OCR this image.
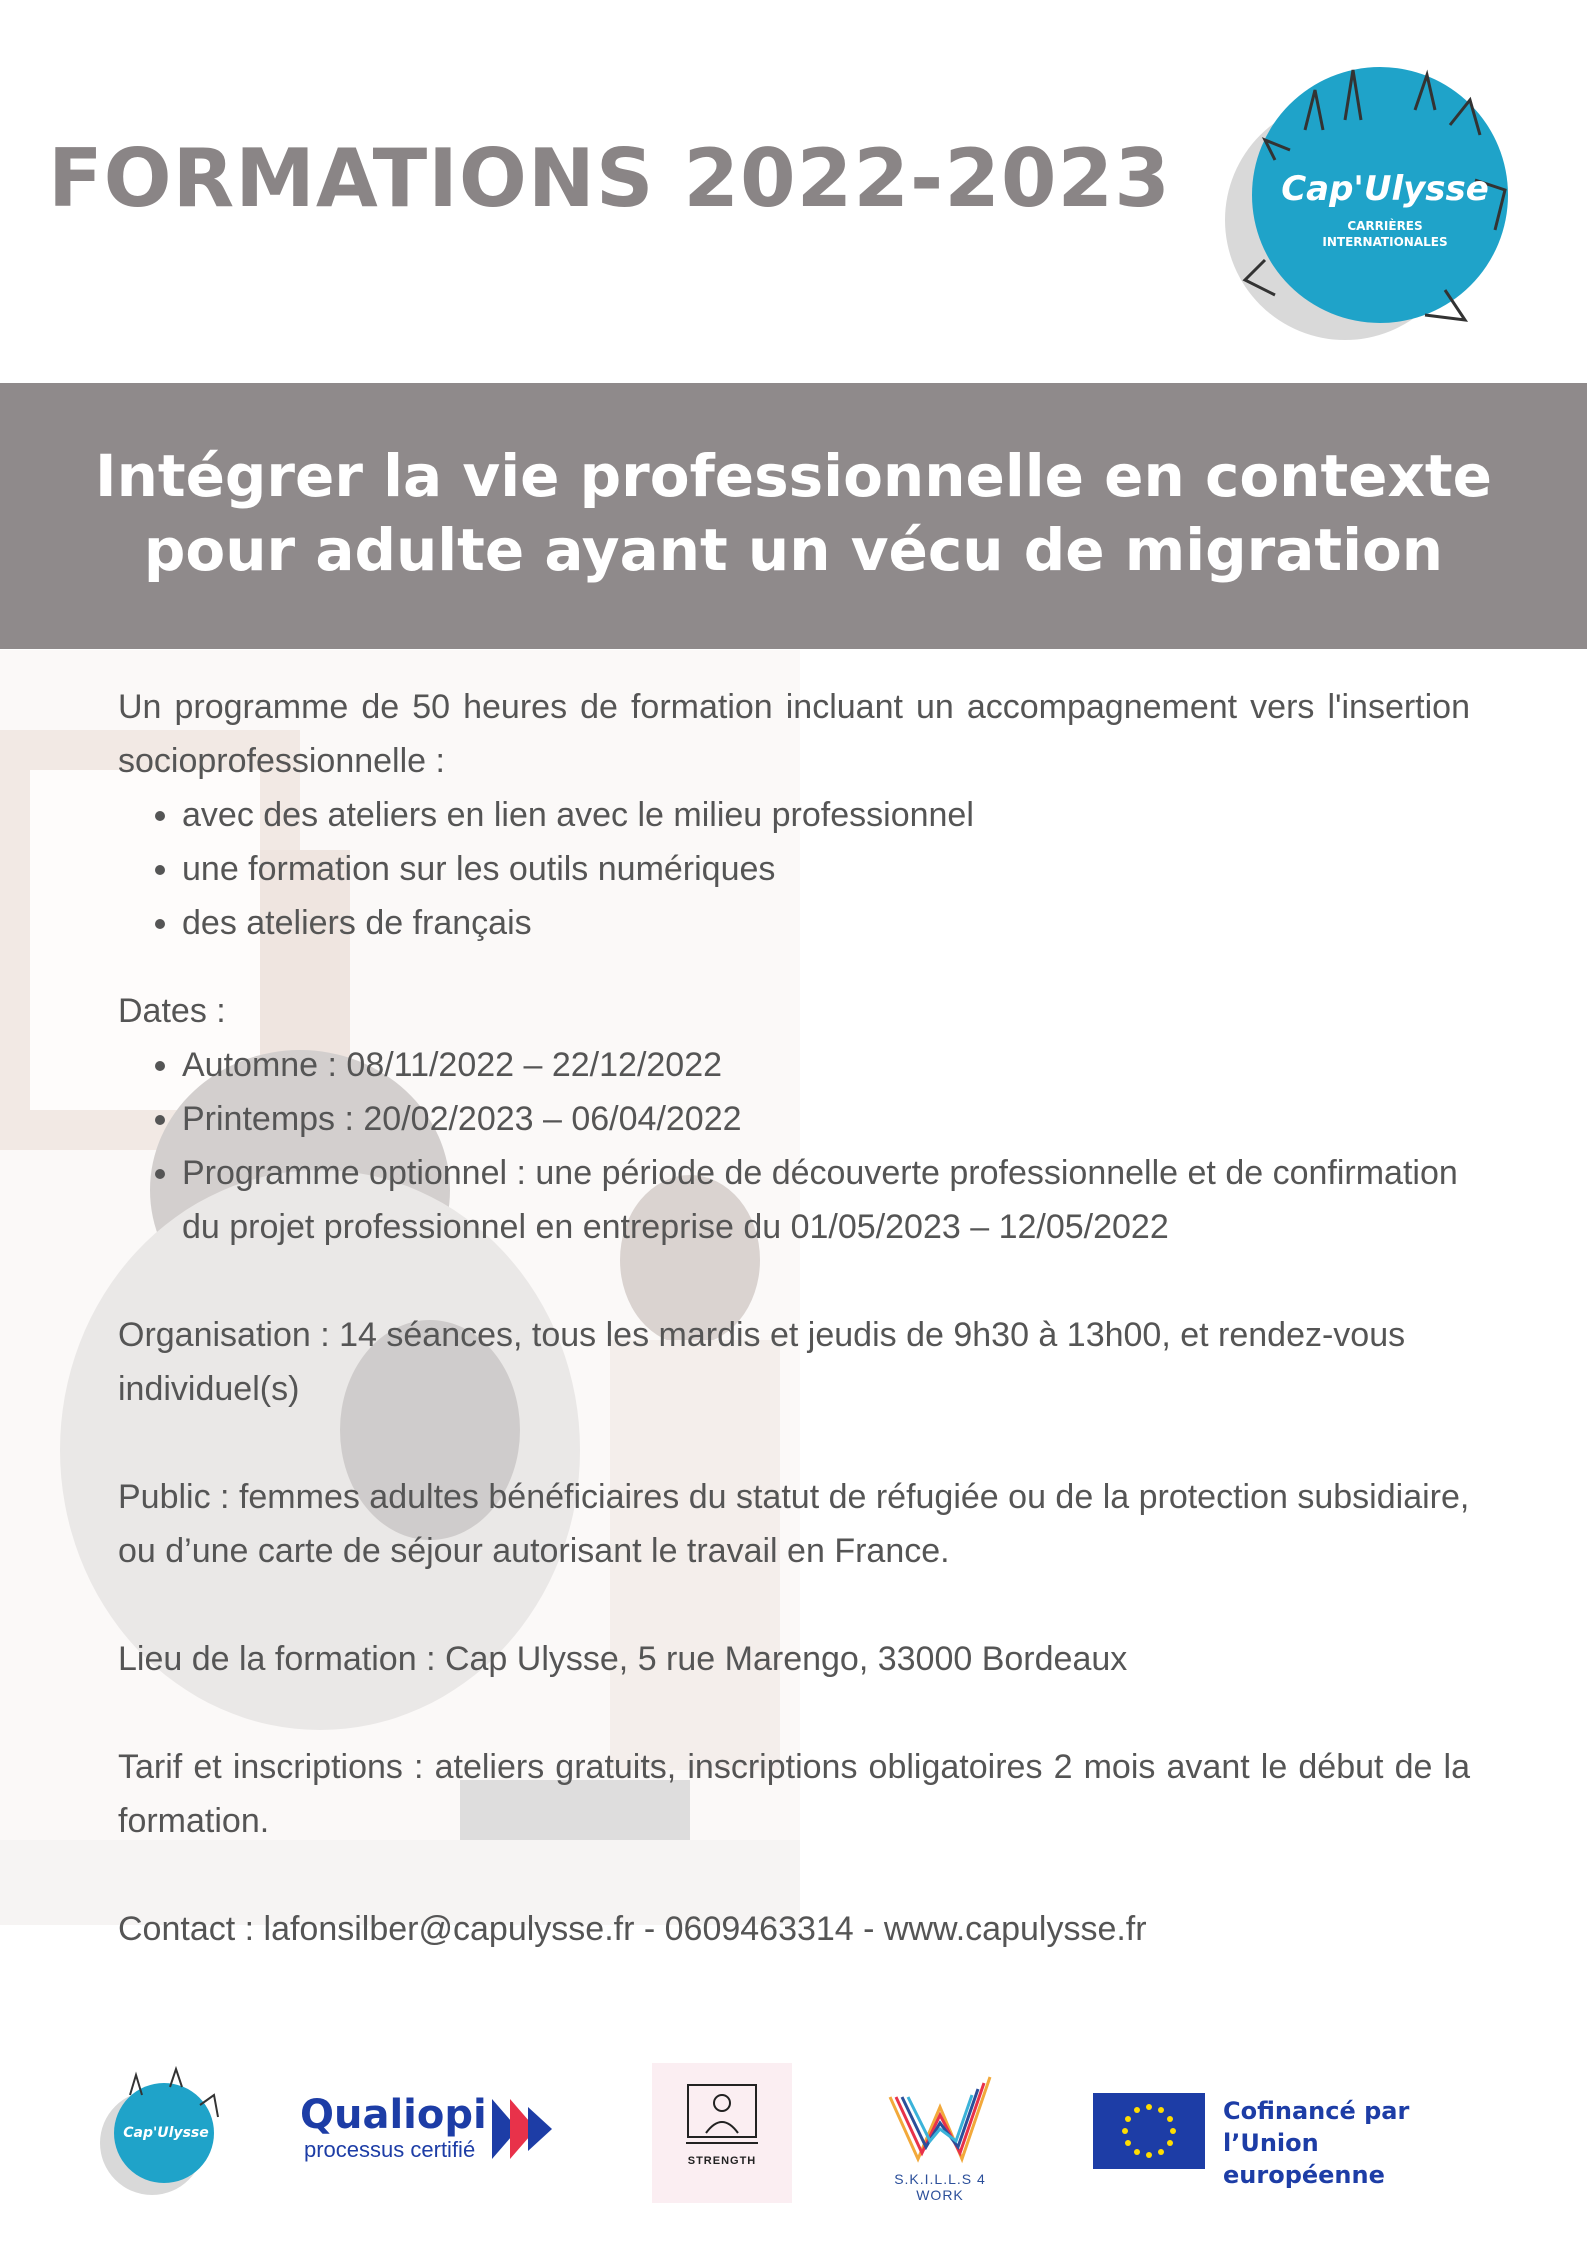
FORMATIONS 2022-2023	Cap'Ulysse
CARRIÈRES
INTERNATIONALES

Intégrer la vie professionnelle en contexte

pour adulte ayant un vécu de migration

Un programme de 50 heures de formation incluant un accompagnement vers l'insertion socioprofessionnelle :

• avec des ateliers en lien avec le milieu professionnel
• une formation sur les outils numériques
• des ateliers de français

Dates :

• Automne : 08/11/2022 – 22/12/2022
• Printemps : 20/02/2023 – 06/04/2022
• Programme optionnel : une période de découverte professionnelle et de confirmation du projet professionnel en entreprise du 01/05/2023 – 12/05/2022

Organisation : 14 séances, tous les mardis et jeudis de 9h30 à 13h00, et rendez-vous individuel(s)

Public : femmes adultes bénéficiaires du statut de réfugiée ou de la protection subsidiaire, ou d’une carte de séjour autorisant le travail en France.

Lieu de la formation : Cap Ulysse, 5 rue Marengo, 33000 Bordeaux

Tarif et inscriptions : ateliers gratuits, inscriptions obligatoires 2 mois avant le début de la formation.

Contact : lafonsilber@capulysse.fr - 0609463314 - www.capulysse.fr

Cap'Ulysse Qualiopi
processus certifié	STRENGTH
S.K.I.L.L.S 4 WORK
Cofinancé par
l’Union européenne
